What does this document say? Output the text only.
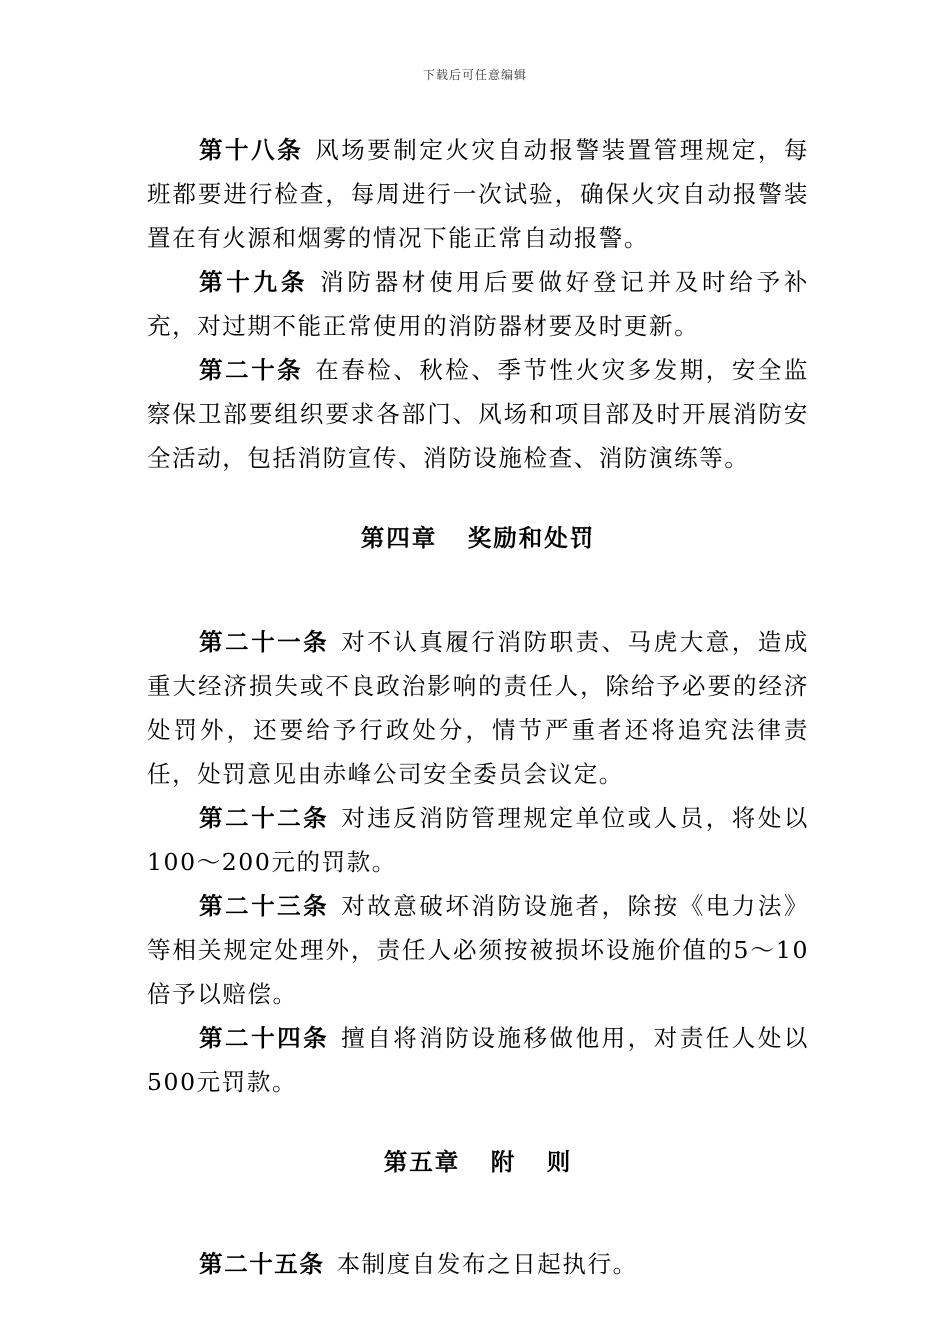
下载后可任意编辑

第十八条 风场要制定火灾自动报警装置管理规定，每班都要进行检查，每周进行一次试验，确保火灾自动报警装置在有火源和烟雾的情况下能正常自动报警。

第十九条 消防器材使用后要做好登记并及时给予补充，对过期不能正常使用的消防器材要及时更新。

第二十条 在春检、秋检、季节性火灾多发期，安全监察保卫部要组织要求各部门、风场和项目部及时开展消防安全活动，包括消防宣传、消防设施检查、消防演练等。

第四章   奖励和处罚

第二十一条 对不认真履行消防职责、马虎大意，造成重大经济损失或不良政治影响的责任人，除给予必要的经济处罚外，还要给予行政处分，情节严重者还将追究法律责任，处罚意见由赤峰公司安全委员会议定。

第二十二条 对违反消防管理规定单位或人员，将处以100～200元的罚款。

第二十三条 对故意破坏消防设施者，除按《电力法》等相关规定处理外，责任人必须按被损坏设施价值的5～10倍予以赔偿。

第二十四条 擅自将消防设施移做他用，对责任人处以500元罚款。

第五章   附   则

第二十五条 本制度自发布之日起执行。
